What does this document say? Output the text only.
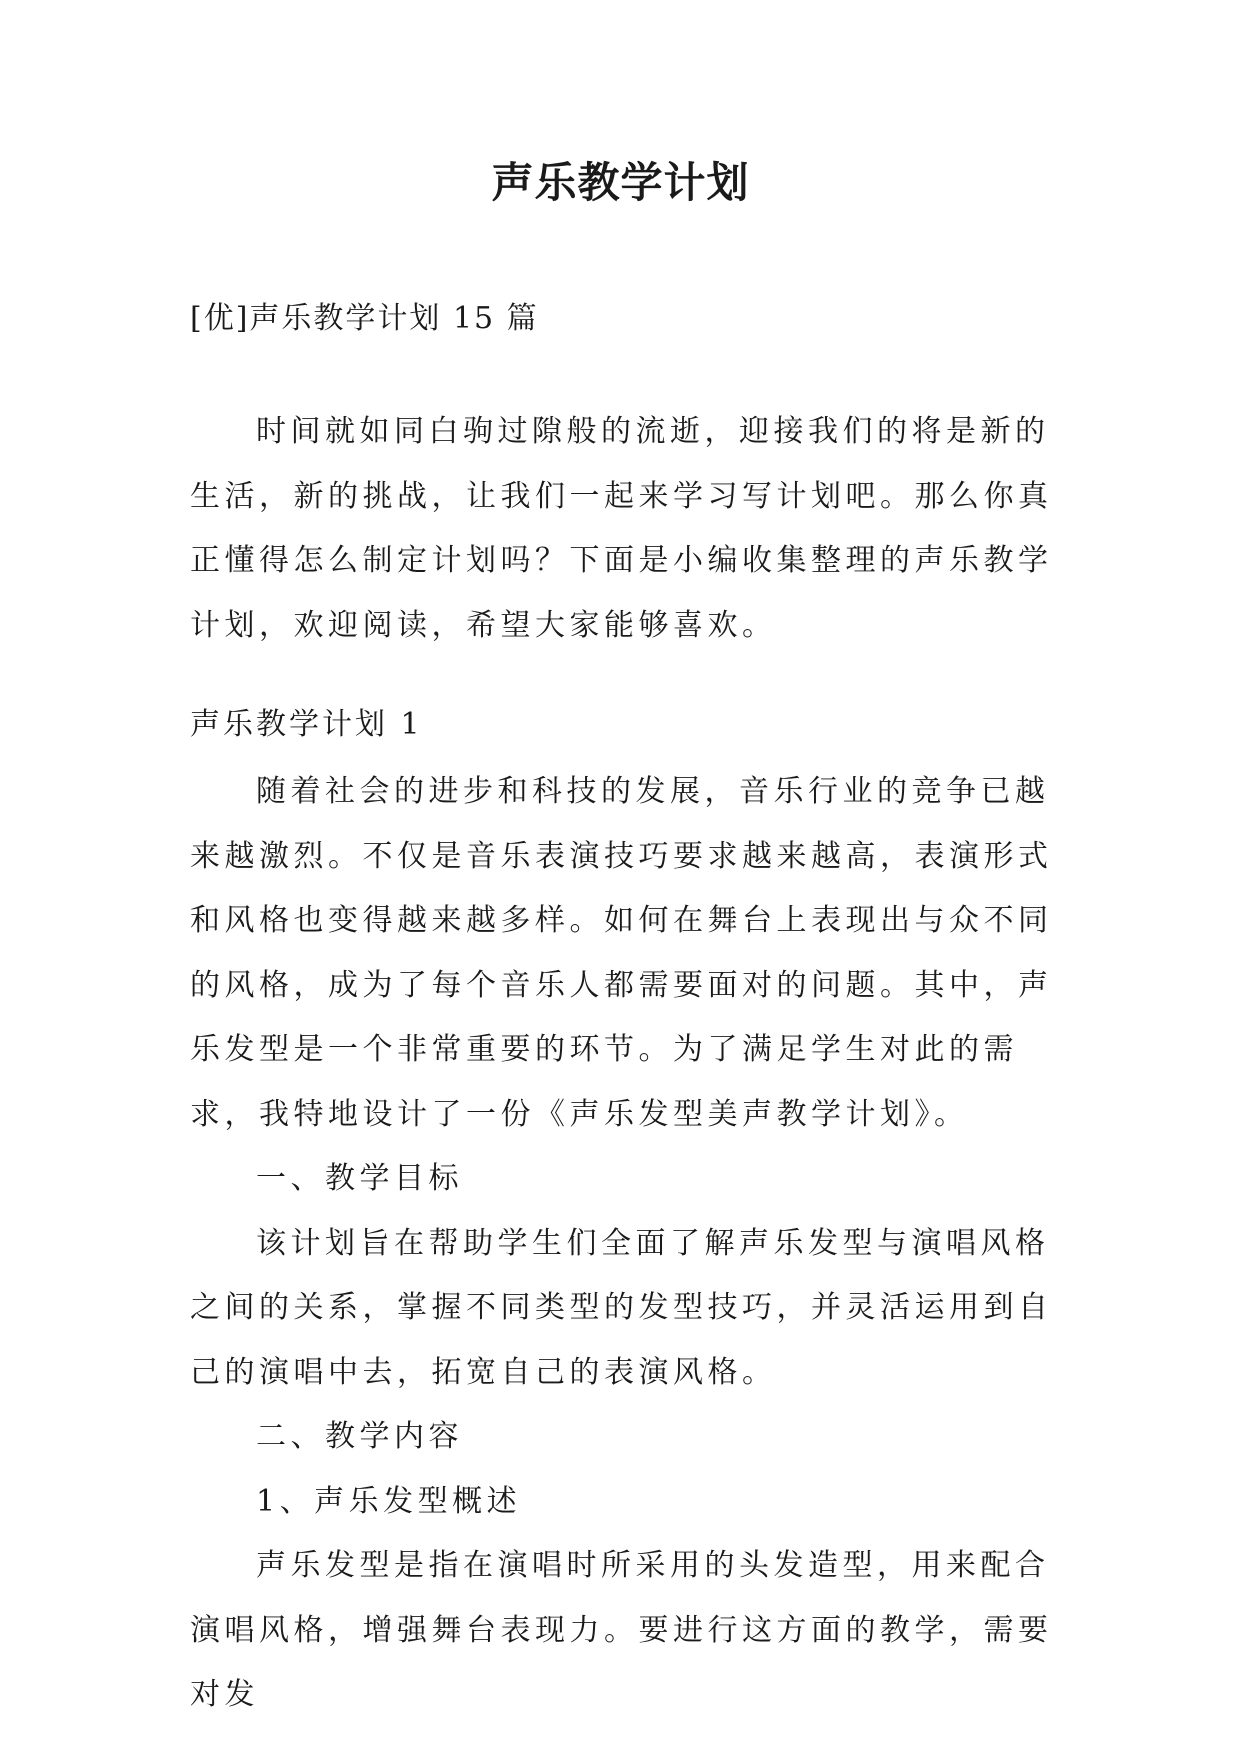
声乐教学计划
[优]声乐教学计划 15 篇

时间就如同白驹过隙般的流逝，迎接我们的将是新的生活，新的挑战，让我们一起来学习写计划吧。那么你真正懂得怎么制定计划吗？下面是小编收集整理的声乐教学计划，欢迎阅读，希望大家能够喜欢。

声乐教学计划 1

随着社会的进步和科技的发展，音乐行业的竞争已越来越激烈。不仅是音乐表演技巧要求越来越高，表演形式和风格也变得越来越多样。如何在舞台上表现出与众不同的风格，成为了每个音乐人都需要面对的问题。其中，声乐发型是一个非常重要的环节。为了满足学生对此的需求，我特地设计了一份《声乐发型美声教学计划》。

一、教学目标

该计划旨在帮助学生们全面了解声乐发型与演唱风格之间的关系，掌握不同类型的发型技巧，并灵活运用到自己的演唱中去，拓宽自己的表演风格。

二、教学内容

1、声乐发型概述

声乐发型是指在演唱时所采用的头发造型，用来配合演唱风格，增强舞台表现力。要进行这方面的教学，需要对发
